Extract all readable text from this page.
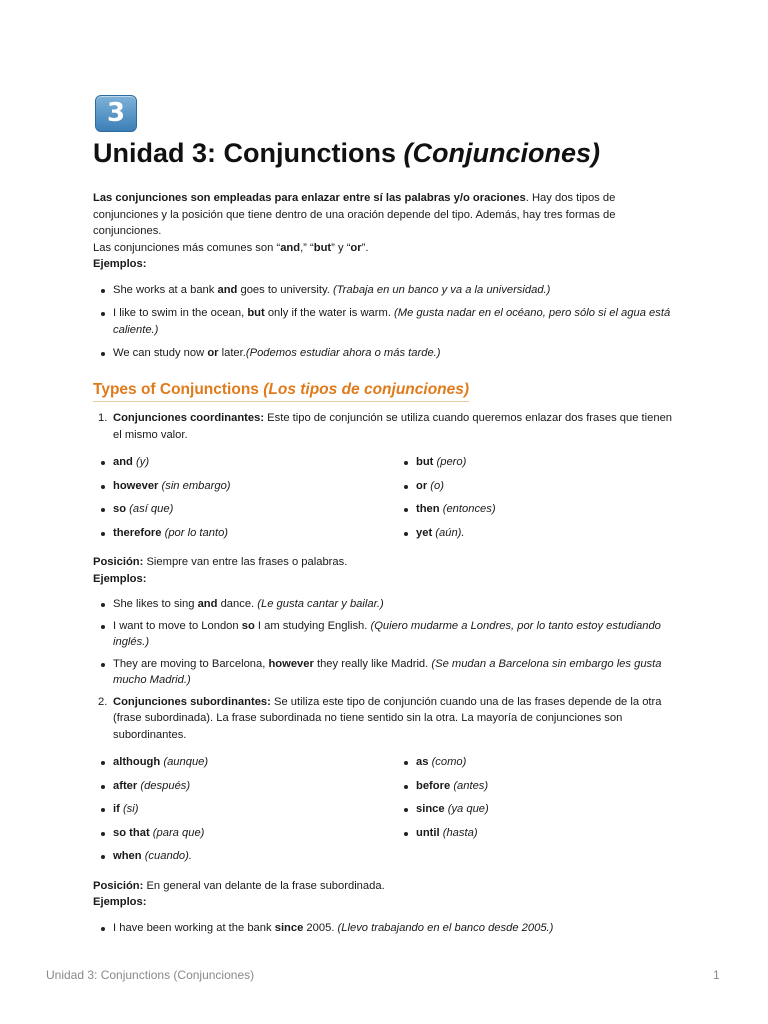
3
Unidad 3: Conjunctions (Conjunciones)

Las conjunciones son empleadas para enlazar entre sí las palabras y/o oraciones. Hay dos tipos de conjunciones y la posición que tiene dentro de una oración depende del tipo. Además, hay tres formas de conjunciones.
Las conjunciones más comunes son “and,” “but” y “or”.
Ejemplos:

She works at a bank and goes to university. (Trabaja en un banco y va a la universidad.)
I like to swim in the ocean, but only if the water is warm. (Me gusta nadar en el océano, pero sólo si el agua está caliente.)
We can study now or later.(Podemos estudiar ahora o más tarde.)
Types of Conjunctions (Los tipos de conjunciones)
1. Conjunciones coordinantes: Este tipo de conjunción se utiliza cuando queremos enlazar dos frases que tienen el mismo valor.
and (y)	but (pero)
however (sin embargo)	or (o)
so (así que)	then (entonces)
therefore (por lo tanto)	yet (aún).

Posición: Siempre van entre las frases o palabras.
Ejemplos:

She likes to sing and dance. (Le gusta cantar y bailar.)
I want to move to London so I am studying English. (Quiero mudarme a Londres, por lo tanto estoy estudiando inglés.)
They are moving to Barcelona, however they really like Madrid. (Se mudan a Barcelona sin embargo les gusta mucho Madrid.)
2. Conjunciones subordinantes: Se utiliza este tipo de conjunción cuando una de las frases depende de la otra (frase subordinada). La frase subordinada no tiene sentido sin la otra. La mayoría de conjunciones son subordinantes.
although (aunque)	as (como)
after (después)	before (antes)
if (si)	since (ya que)
so that (para que)	until (hasta)
when (cuando).

Posición: En general van delante de la frase subordinada.
Ejemplos:

I have been working at the bank since 2005. (Llevo trabajando en el banco desde 2005.)
Unidad 3: Conjunctions (Conjunciones)	1
